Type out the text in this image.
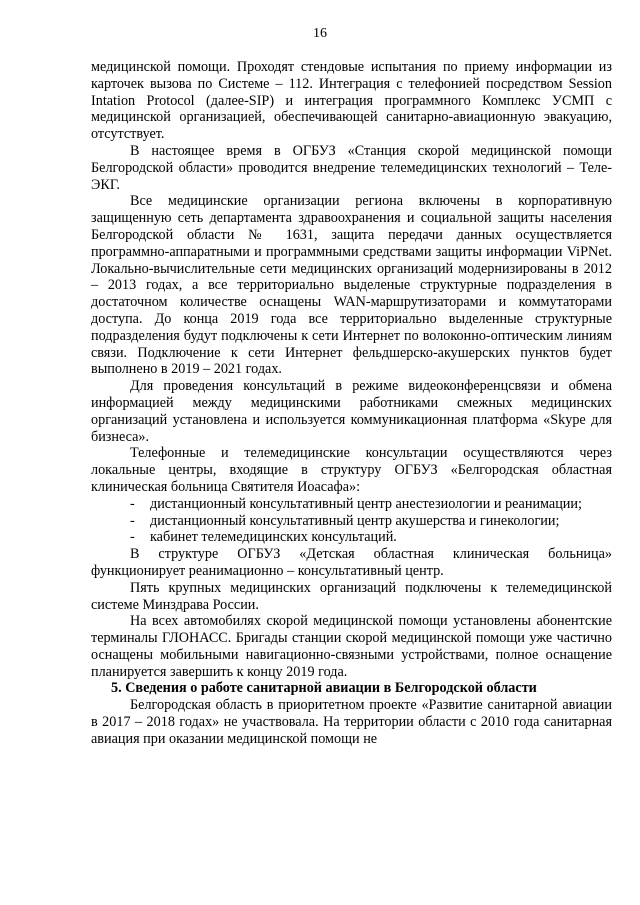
16

медицинской помощи. Проходят стендовые испытания по приему информации из карточек вызова по Системе – 112. Интеграция с телефонией посредством Session Intation Protocol (далее-SIP) и интеграция программного Комплекс УСМП с медицинской организацией, обеспечивающей санитарно-авиационную эвакуацию, отсутствует.

В настоящее время в ОГБУЗ «Станция скорой медицинской помощи Белгородской области» проводится внедрение телемедицинских технологий – Теле-ЭКГ.

Все медицинские организации региона включены в корпоративную защищенную сеть департамента здравоохранения и социальной защиты населения Белгородской области № 1631, защита передачи данных осуществляется программно-аппаратными и программными средствами защиты информации ViPNet. Локально-вычислительные сети медицинских организаций модернизированы в 2012 – 2013 годах, а все территориально выделеные структурные подразделения в достаточном количестве оснащены WAN-маршрутизаторами и коммутаторами доступа. До конца 2019 года все территориально выделенные структурные подразделения будут подключены к сети Интернет по волоконно-оптическим линиям связи. Подключение к сети Интернет фельдшерско-акушерских пунктов будет выполнено в 2019 – 2021 годах.

Для проведения консультаций в режиме видеоконференцсвязи и обмена информацией между медицинскими работниками смежных медицинских организаций установлена и используется коммуникационная платформа «Skype для бизнеса».

Телефонные и телемедицинские консультации осуществляются через локальные центры, входящие в структуру ОГБУЗ «Белгородская областная клиническая больница Святителя Иоасафа»:

-	дистанционный консультативный центр анестезиологии и реанимации;
-	дистанционный консультативный центр акушерства и гинекологии;
-	кабинет телемедицинских консультаций.

В структуре ОГБУЗ «Детская областная клиническая больница» функционирует реанимационно – консультативный центр.

Пять крупных медицинских организаций подключены к телемедицинской системе Минздрава России.

На всех автомобилях скорой медицинской помощи установлены абонентские терминалы ГЛОНАСС. Бригады станции скорой медицинской помощи уже частично оснащены мобильными навигационно-связными устройствами, полное оснащение планируется завершить к концу 2019 года.

5. Сведения о работе санитарной авиации в Белгородской области

Белгородская область в приоритетном проекте «Развитие санитарной авиации в 2017 – 2018 годах» не участвовала. На территории области с 2010 года санитарная авиация при оказании медицинской помощи не
